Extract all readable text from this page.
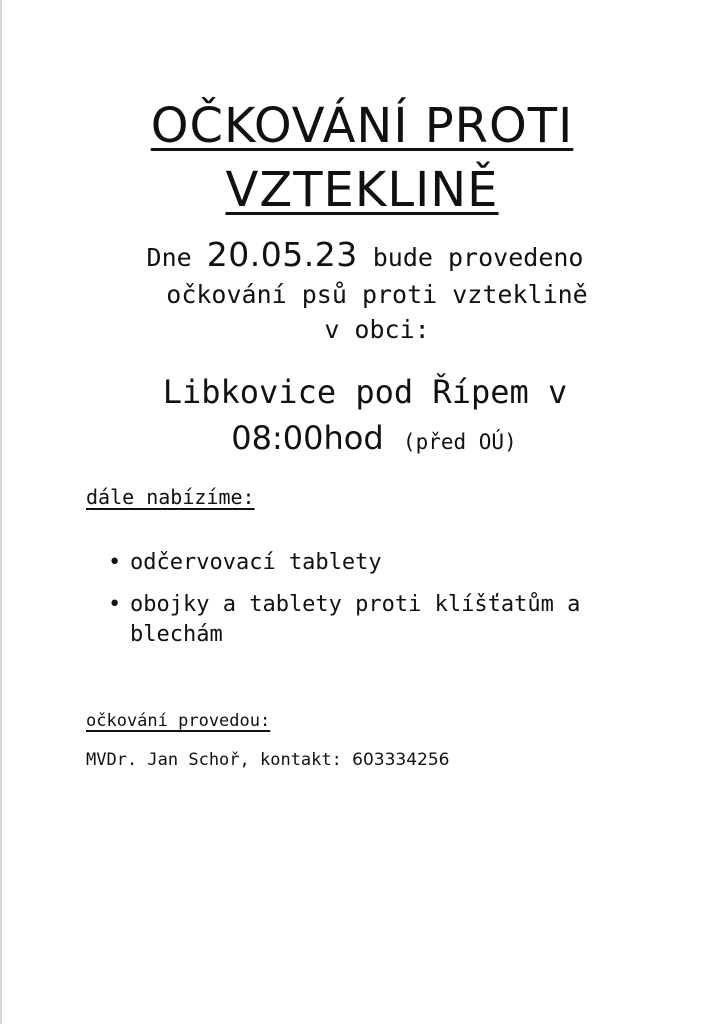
OČKOVÁNÍ PROTI
VZTEKLINĚ
Dne 20.05.23 bude provedeno
očkování psů proti vzteklině
v obci:
Libkovice pod Řípem v
08:00hod (před OÚ)
dále nabízíme:
• odčervovací tablety
• obojky a tablety proti klíšťatům a blechám
očkování provedou:
MVDr. Jan Schoř, kontakt: 603334256
